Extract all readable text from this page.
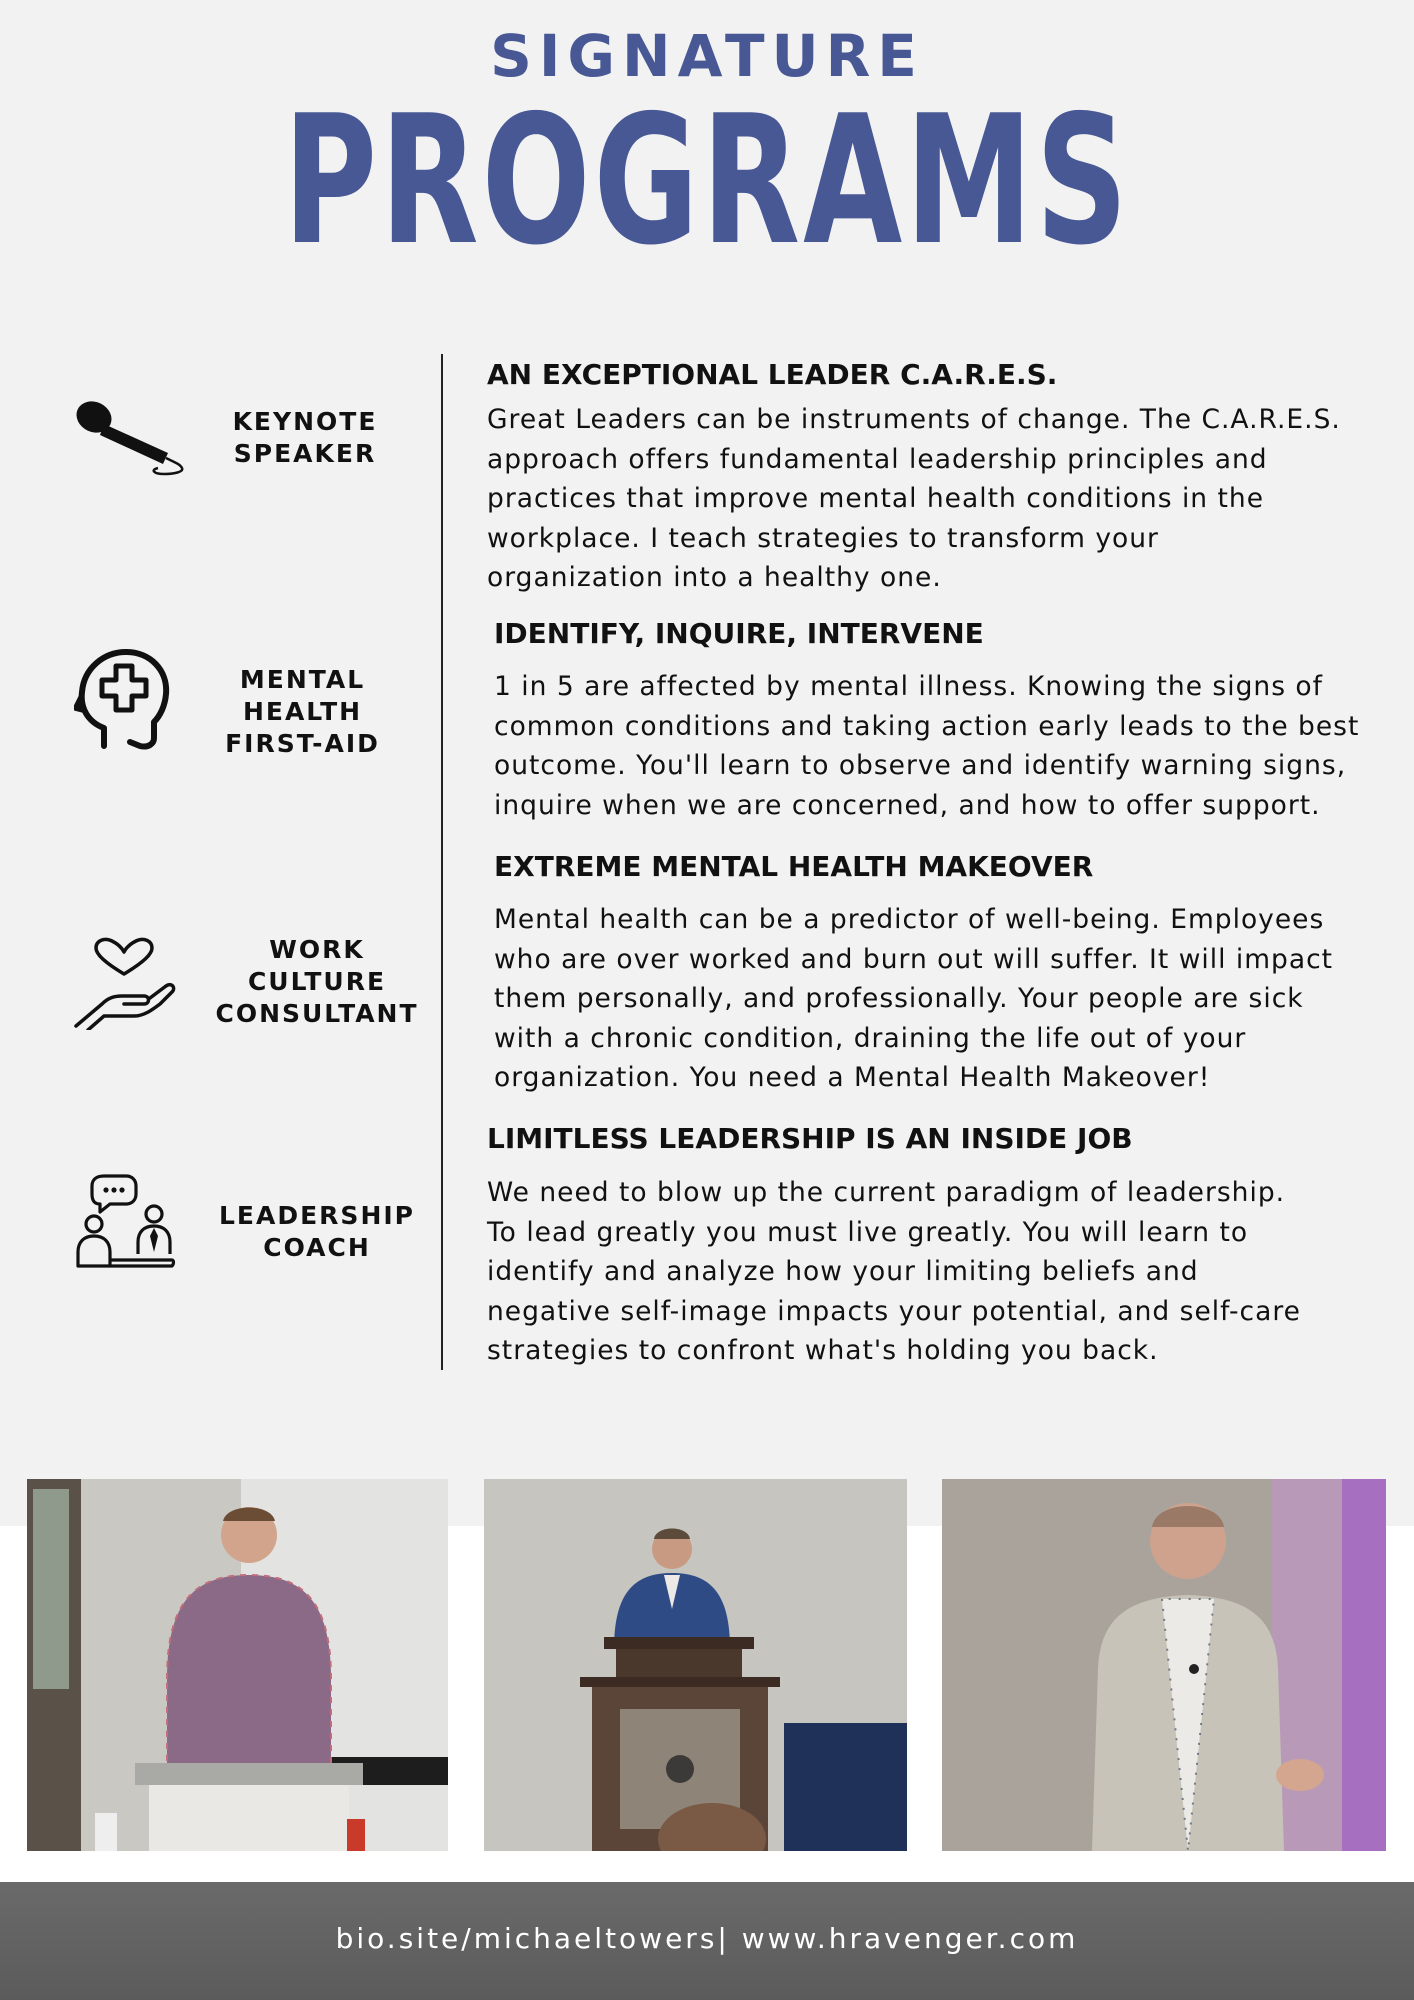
SIGNATURE
PROGRAMS
KEYNOTE
SPEAKER
AN EXCEPTIONAL LEADER C.A.R.E.S.
Great Leaders can be instruments of change. The C.A.R.E.S.
approach offers fundamental leadership principles and
practices that improve mental health conditions in the
workplace. I teach strategies to transform your
organization into a healthy one.
MENTAL
HEALTH
FIRST-AID
IDENTIFY, INQUIRE, INTERVENE
1 in 5 are affected by mental illness. Knowing the signs of
common conditions and taking action early leads to the best
outcome. You'll learn to observe and identify warning signs,
inquire when we are concerned, and how to offer support.
WORK
CULTURE
CONSULTANT
EXTREME MENTAL HEALTH MAKEOVER
Mental health can be a predictor of well-being. Employees
who are over worked and burn out will suffer. It will impact
them personally, and professionally. Your people are sick
with a chronic condition, draining the life out of your
organization. You need a Mental Health Makeover!
LEADERSHIP
COACH
LIMITLESS LEADERSHIP IS AN INSIDE JOB
We need to blow up the current paradigm of leadership.
To lead greatly you must live greatly. You will learn to
identify and analyze how your limiting beliefs and
negative self-image impacts your potential, and self-care
strategies to confront what's holding you back.
bio.site/michaeltowers| www.hravenger.com
